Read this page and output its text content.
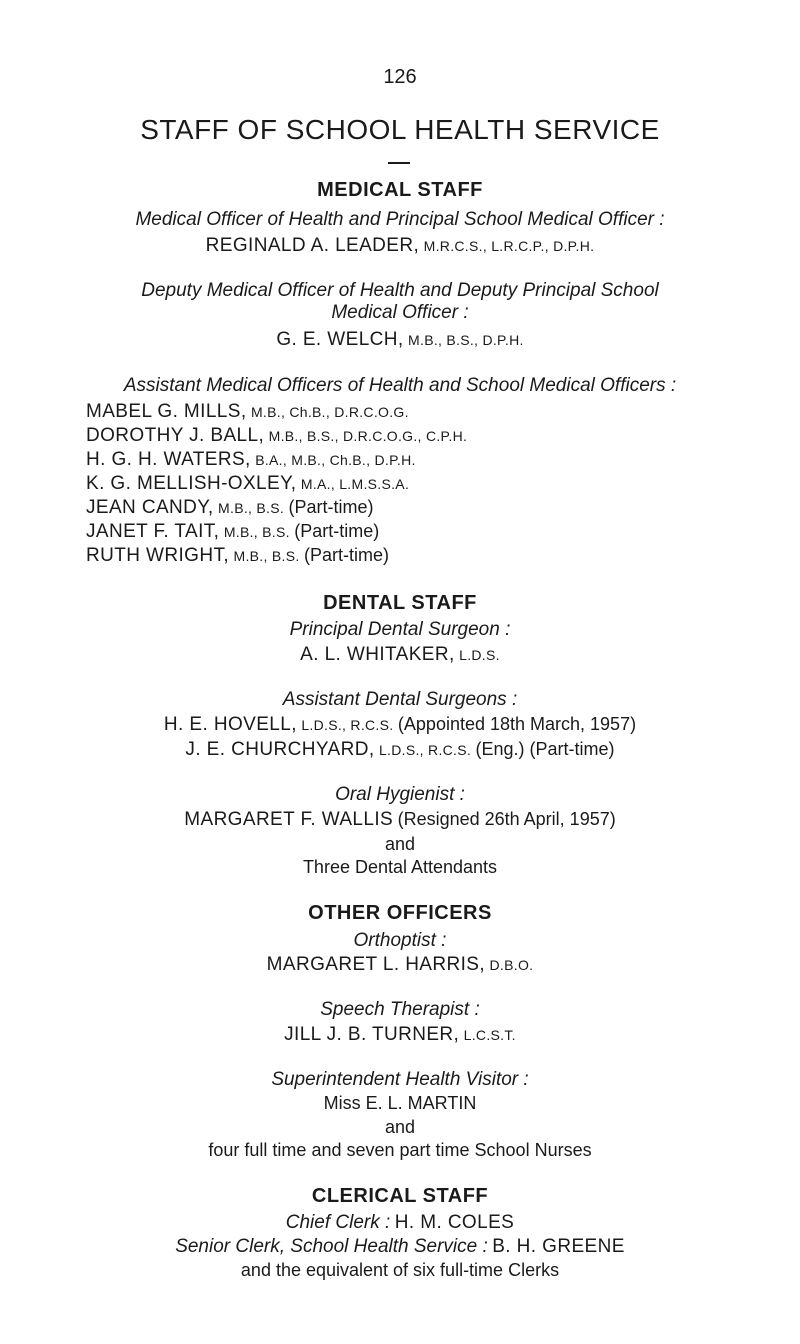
126
STAFF OF SCHOOL HEALTH SERVICE
MEDICAL STAFF
Medical Officer of Health and Principal School Medical Officer :
REGINALD A. LEADER, M.R.C.S., L.R.C.P., D.P.H.
Deputy Medical Officer of Health and Deputy Principal School
Medical Officer :
G. E. WELCH, M.B., B.S., D.P.H.
Assistant Medical Officers of Health and School Medical Officers :
MABEL G. MILLS, M.B., Ch.B., D.R.C.O.G.
DOROTHY J. BALL, M.B., B.S., D.R.C.O.G., C.P.H.
H. G. H. WATERS, B.A., M.B., Ch.B., D.P.H.
K. G. MELLISH-OXLEY, M.A., L.M.S.S.A.
JEAN CANDY, M.B., B.S. (Part-time)
JANET F. TAIT, M.B., B.S. (Part-time)
RUTH WRIGHT, M.B., B.S. (Part-time)
DENTAL STAFF
Principal Dental Surgeon :
A. L. WHITAKER, L.D.S.
Assistant Dental Surgeons :
H. E. HOVELL, L.D.S., R.C.S. (Appointed 18th March, 1957)
J. E. CHURCHYARD, L.D.S., R.C.S. (Eng.) (Part-time)
Oral Hygienist :
MARGARET F. WALLIS (Resigned 26th April, 1957)
and
Three Dental Attendants
OTHER OFFICERS
Orthoptist :
MARGARET L. HARRIS, D.B.O.
Speech Therapist :
JILL J. B. TURNER, L.C.S.T.
Superintendent Health Visitor :
Miss E. L. MARTIN
and
four full time and seven part time School Nurses
CLERICAL STAFF
Chief Clerk : H. M. COLES
Senior Clerk, School Health Service : B. H. GREENE
and the equivalent of six full-time Clerks
